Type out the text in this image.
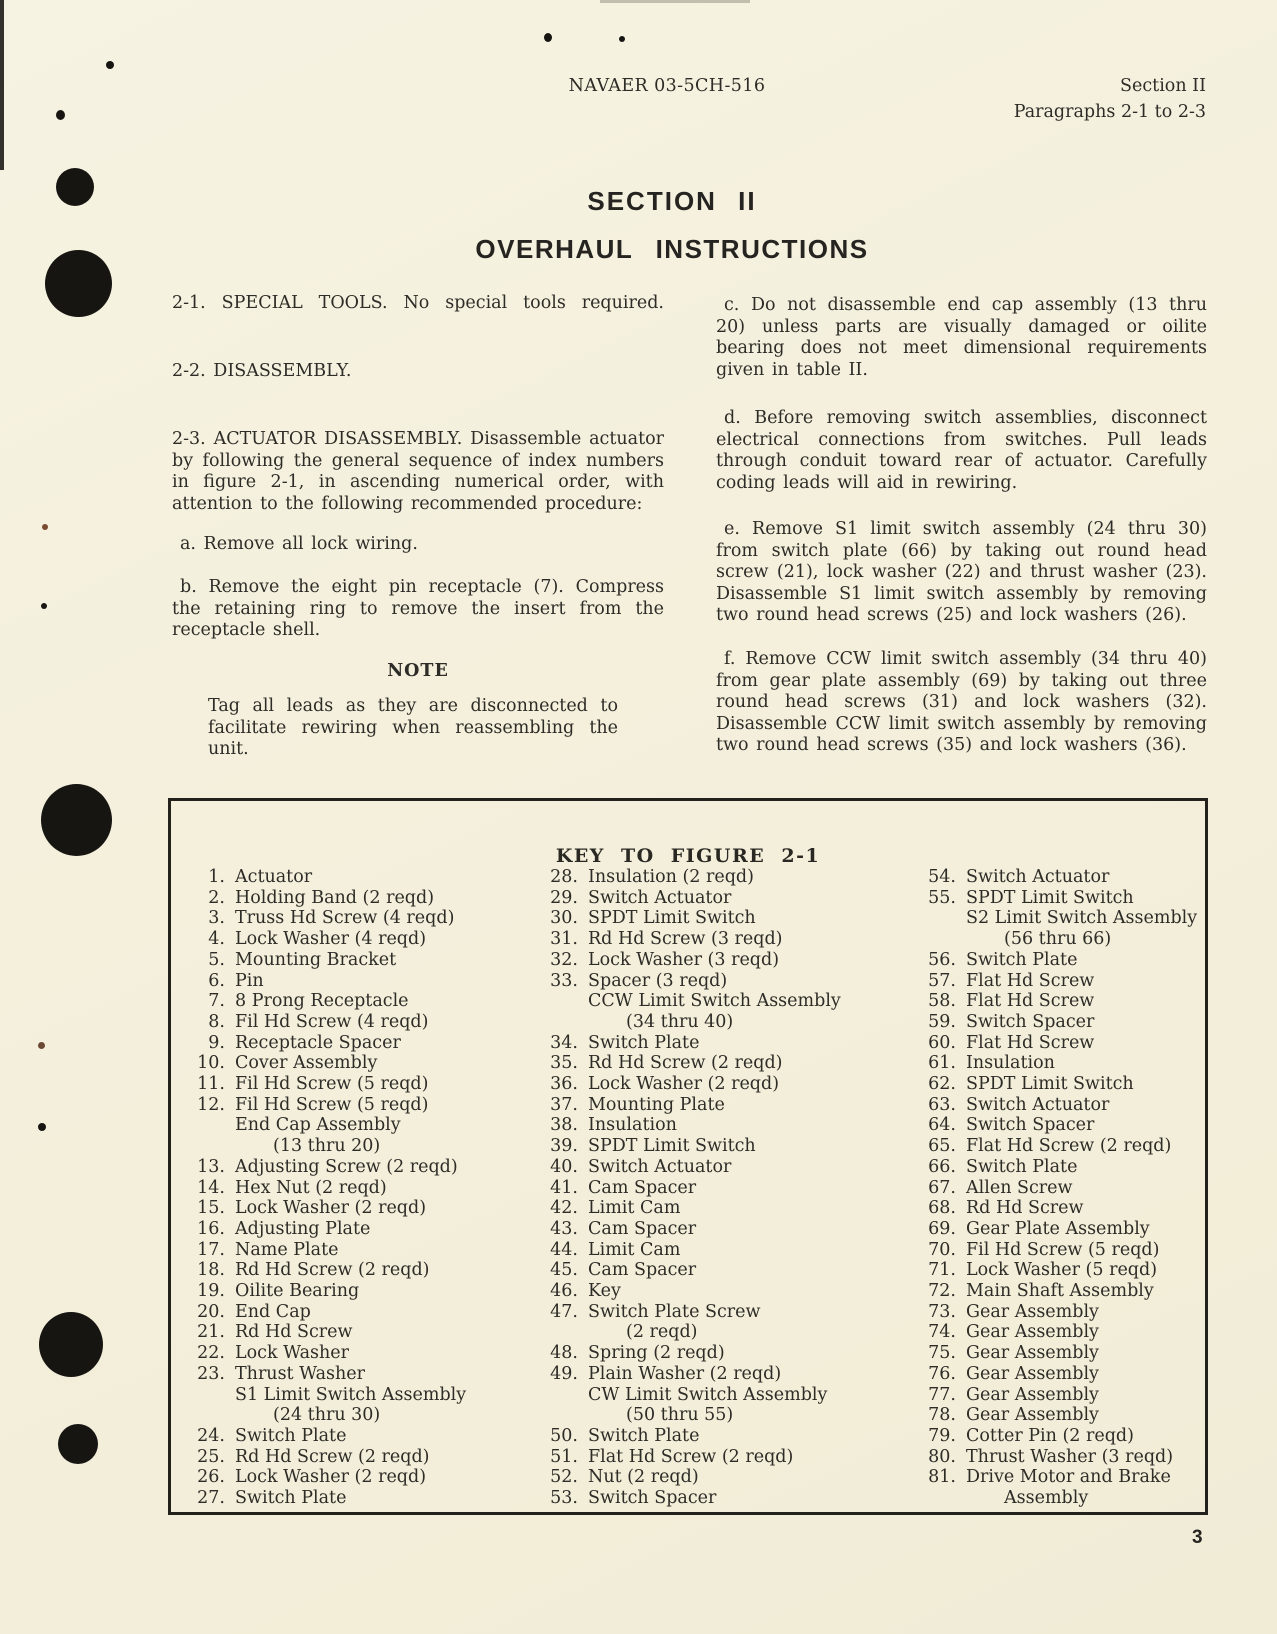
NAVAER 03-5CH-516	Section II
Paragraphs 2-1 to 2-3
SECTION II
OVERHAUL INSTRUCTIONS
2-1. SPECIAL TOOLS. No special tools required.
2-2. DISASSEMBLY.
2-3. ACTUATOR DISASSEMBLY. Disassemble actuator by following the general sequence of index numbers in figure 2-1, in ascending numerical order, with attention to the following recommended procedure:
a. Remove all lock wiring.
b. Remove the eight pin receptacle (7). Compress the retaining ring to remove the insert from the receptacle shell.
NOTE
Tag all leads as they are disconnected to facilitate rewiring when reassembling the unit.
c. Do not disassemble end cap assembly (13 thru 20) unless parts are visually damaged or oilite bearing does not meet dimensional requirements given in table II.
d. Before removing switch assemblies, disconnect electrical connections from switches. Pull leads through conduit toward rear of actuator. Carefully coding leads will aid in rewiring.
e. Remove S1 limit switch assembly (24 thru 30) from switch plate (66) by taking out round head screw (21), lock washer (22) and thrust washer (23). Disassemble S1 limit switch assembly by removing two round head screws (25) and lock washers (26).
f. Remove CCW limit switch assembly (34 thru 40) from gear plate assembly (69) by taking out three round head screws (31) and lock washers (32). Disassemble CCW limit switch assembly by removing two round head screws (35) and lock washers (36).
KEY TO FIGURE 2-1
1. Actuator
2. Holding Band (2 reqd)
3. Truss Hd Screw (4 reqd)
4. Lock Washer (4 reqd)
5. Mounting Bracket
6. Pin
7. 8 Prong Receptacle
8. Fil Hd Screw (4 reqd)
9. Receptacle Spacer
10. Cover Assembly
11. Fil Hd Screw (5 reqd)
12. Fil Hd Screw (5 reqd)
End Cap Assembly
(13 thru 20)
13. Adjusting Screw (2 reqd)
14. Hex Nut (2 reqd)
15. Lock Washer (2 reqd)
16. Adjusting Plate
17. Name Plate
18. Rd Hd Screw (2 reqd)
19. Oilite Bearing
20. End Cap
21. Rd Hd Screw
22. Lock Washer
23. Thrust Washer
S1 Limit Switch Assembly
(24 thru 30)
24. Switch Plate
25. Rd Hd Screw (2 reqd)
26. Lock Washer (2 reqd)
27. Switch Plate
28. Insulation (2 reqd)
29. Switch Actuator
30. SPDT Limit Switch
31. Rd Hd Screw (3 reqd)
32. Lock Washer (3 reqd)
33. Spacer (3 reqd)
CCW Limit Switch Assembly
(34 thru 40)
34. Switch Plate
35. Rd Hd Screw (2 reqd)
36. Lock Washer (2 reqd)
37. Mounting Plate
38. Insulation
39. SPDT Limit Switch
40. Switch Actuator
41. Cam Spacer
42. Limit Cam
43. Cam Spacer
44. Limit Cam
45. Cam Spacer
46. Key
47. Switch Plate Screw
(2 reqd)
48. Spring (2 reqd)
49. Plain Washer (2 reqd)
CW Limit Switch Assembly
(50 thru 55)
50. Switch Plate
51. Flat Hd Screw (2 reqd)
52. Nut (2 reqd)
53. Switch Spacer
54. Switch Actuator
55. SPDT Limit Switch
S2 Limit Switch Assembly
(56 thru 66)
56. Switch Plate
57. Flat Hd Screw
58. Flat Hd Screw
59. Switch Spacer
60. Flat Hd Screw
61. Insulation
62. SPDT Limit Switch
63. Switch Actuator
64. Switch Spacer
65. Flat Hd Screw (2 reqd)
66. Switch Plate
67. Allen Screw
68. Rd Hd Screw
69. Gear Plate Assembly
70. Fil Hd Screw (5 reqd)
71. Lock Washer (5 reqd)
72. Main Shaft Assembly
73. Gear Assembly
74. Gear Assembly
75. Gear Assembly
76. Gear Assembly
77. Gear Assembly
78. Gear Assembly
79. Cotter Pin (2 reqd)
80. Thrust Washer (3 reqd)
81. Drive Motor and Brake
Assembly
3
